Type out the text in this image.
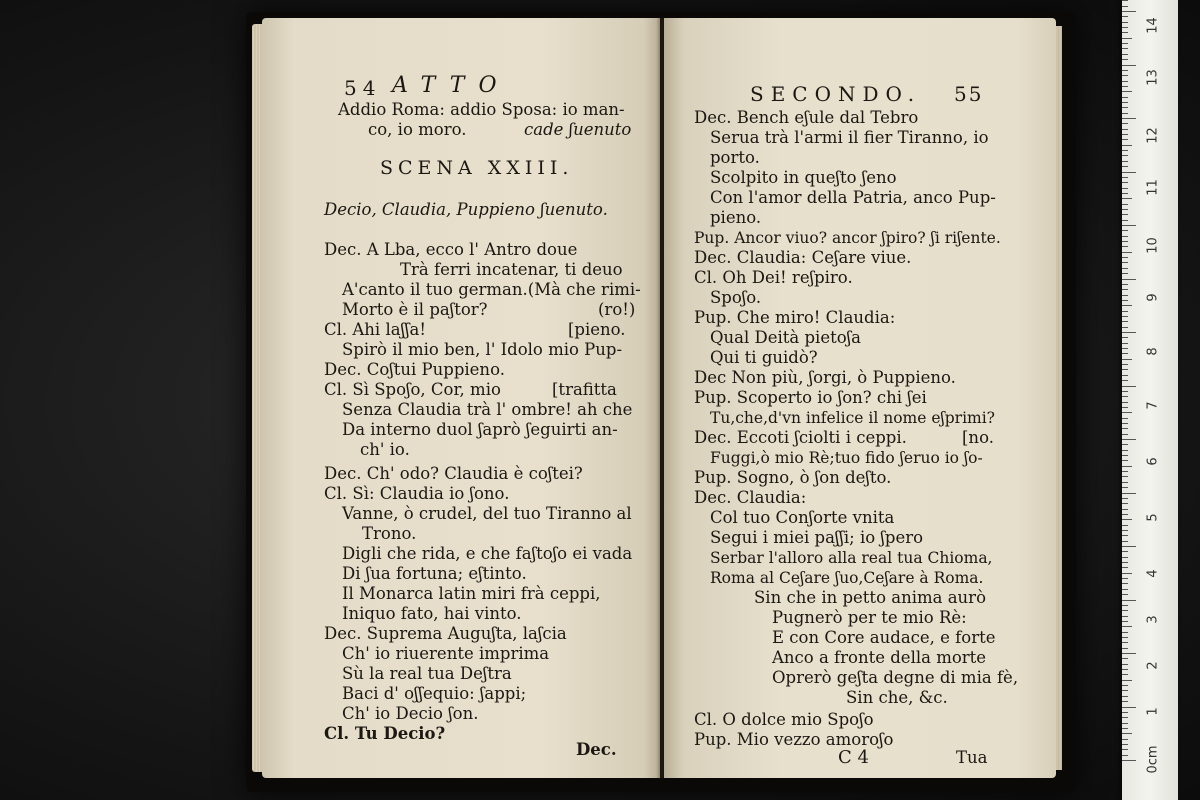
54 ATTO
Addio Roma: addio Sposa: io man-
co, io moro.	cade ʃuenuto
SCENA XXIII.
Decio, Claudia, Puppieno ʃuenuto.
Dec. A Lba, ecco l' Antro doue
Trà ferri incatenar, ti deuo
A'canto il tuo german.(Mà che rimi-
Morto è il paʃtor?	(ro!)
Cl. Ahi laʃʃa!	[pieno.
Spirò il mio ben, l' Idolo mio Pup-
Dec. Coʃtui Puppieno.
Cl. Sì Spoʃo, Cor, mio	[trafitta
Senza Claudia trà l' ombre! ah che
Da interno duol ʃaprò ʃeguirti an-
ch' io.
Dec. Ch' odo? Claudia è coʃtei?
Cl. Sì: Claudia io ʃono.
Vanne, ò crudel, del tuo Tiranno al
Trono.
Digli che rida, e che faʃtoʃo ei vada
Di ʃua fortuna; eʃtinto.
Il Monarca latin miri frà ceppi,
Iniquo fato, hai vinto.
Dec. Suprema Auguʃta, laʃcia
Ch' io riuerente imprima
Sù la real tua Deʃtra
Baci d' oʃʃequio: ʃappi;
Ch' io Decio ʃon.
Cl. Tu Decio?
Dec.
SECONDO. 55
Dec. Bench eʃule dal Tebro
Serua trà l'armi il fier Tiranno, io
porto.
Scolpito in queʃto ʃeno
Con l'amor della Patria, anco Pup-
pieno.
Pup. Ancor viuo? ancor ʃpiro? ʃi riʃente.
Dec. Claudia: Ceʃare viue.
Cl. Oh Dei! reʃpiro.
Spoʃo.
Pup. Che miro! Claudia:
Qual Deità pietoʃa
Qui ti guidò?
Dec Non più, ʃorgi, ò Puppieno.
Pup. Scoperto io ʃon? chi ʃei
Tu,che,d'vn infelice il nome eʃprimi?
Dec. Eccoti ʃciolti i ceppi.	[no.
Fuggi,ò mio Rè;tuo fido ʃeruo io ʃo-
Pup. Sogno, ò ʃon deʃto.
Dec. Claudia:
Col tuo Conʃorte vnita
Segui i miei paʃʃi; io ʃpero
Serbar l'alloro alla real tua Chioma,
Roma al Ceʃare ʃuo,Ceʃare à Roma.
Sin che in petto anima aurò
Pugnerò per te mio Rè:
E con Core audace, e forte
Anco a fronte della morte
Oprerò geʃta degne di mia fè,
Sin che, &c.
Cl. O dolce mio Spoʃo
Pup. Mio vezzo amoroʃo
C 4	Tua	0cm
1
2
3
4
5
6
7
8
9
10
11
12
13
14
